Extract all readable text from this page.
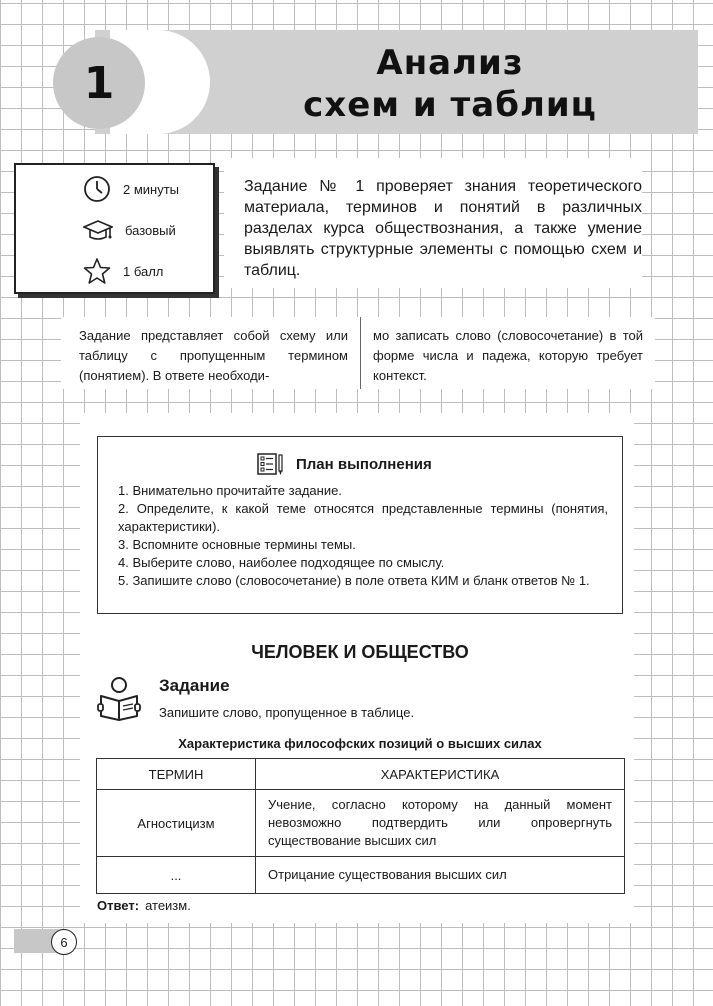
1	Анализ
схем и таблиц
2 минуты
базовый
1 балл

Задание № 1 проверяет знания теоретического материала, терминов и понятий в различных разделах курса обществознания, а также умение выявлять структурные элементы с помощью схем и таблиц.

Задание представляет собой схему или таблицу с пропущенным термином (понятием). В ответе необходи-
мо записать слово (словосочетание) в той форме числа и падежа, которую требует контекст.
План выполнения
1. Внимательно прочитайте задание.
2. Определите, к какой теме относятся представленные термины (понятия, характеристики).
3. Вспомните основные термины темы.
4. Выберите слово, наиболее подходящее по смыслу.
5. Запишите слово (словосочетание) в поле ответа КИМ и бланк ответов № 1.
ЧЕЛОВЕК И ОБЩЕСТВО
Задание
Запишите слово, пропущенное в таблице.
Характеристика философских позиций о высших силах
ТЕРМИН	ХАРАКТЕРИСТИКА
Агностицизм	Учение, согласно которому на данный момент невозможно подтвердить или опровергнуть существование высших сил
...	Отрицание существования высших сил
Ответ: атеизм.
6
